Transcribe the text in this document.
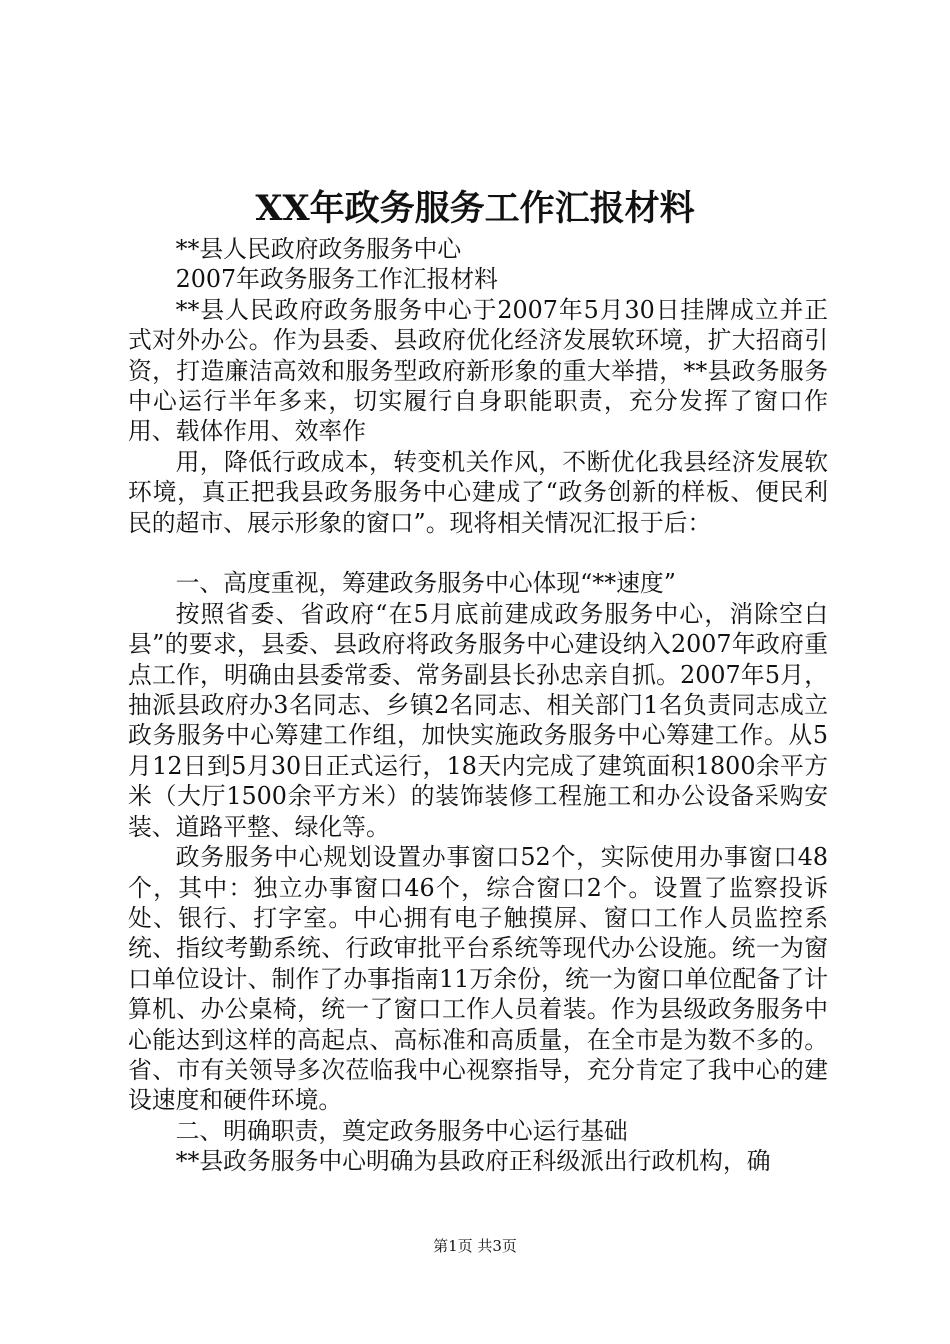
XX年政务服务工作汇报材料

**县人民政府政务服务中心

2007年政务服务工作汇报材料

**县人民政府政务服务中心于2007年5月30日挂牌成立并正式对外办公。作为县委、县政府优化经济发展软环境，扩大招商引资，打造廉洁高效和服务型政府新形象的重大举措，**县政务服务中心运行半年多来，切实履行自身职能职责，充分发挥了窗口作用、载体作用、效率作

用，降低行政成本，转变机关作风，不断优化我县经济发展软环境，真正把我县政务服务中心建成了“政务创新的样板、便民利民的超市、展示形象的窗口”。现将相关情况汇报于后：

一、高度重视，筹建政务服务中心体现“**速度”

按照省委、省政府“在5月底前建成政务服务中心，消除空白县”的要求，县委、县政府将政务服务中心建设纳入2007年政府重点工作，明确由县委常委、常务副县长孙忠亲自抓。2007年5月，抽派县政府办3名同志、乡镇2名同志、相关部门1名负责同志成立政务服务中心筹建工作组，加快实施政务服务中心筹建工作。从5月12日到5月30日正式运行，18天内完成了建筑面积1800余平方米（大厅1500余平方米）的装饰装修工程施工和办公设备采购安装、道路平整、绿化等。

政务服务中心规划设置办事窗口52个，实际使用办事窗口48个，其中：独立办事窗口46个，综合窗口2个。设置了监察投诉处、银行、打字室。中心拥有电子触摸屏、窗口工作人员监控系统、指纹考勤系统、行政审批平台系统等现代办公设施。统一为窗口单位设计、制作了办事指南11万余份，统一为窗口单位配备了计算机、办公桌椅，统一了窗口工作人员着装。作为县级政务服务中心能达到这样的高起点、高标准和高质量，在全市是为数不多的。省、市有关领导多次莅临我中心视察指导，充分肯定了我中心的建设速度和硬件环境。

二、明确职责，奠定政务服务中心运行基础

**县政务服务中心明确为县政府正科级派出行政机构，确

第1页 共3页
